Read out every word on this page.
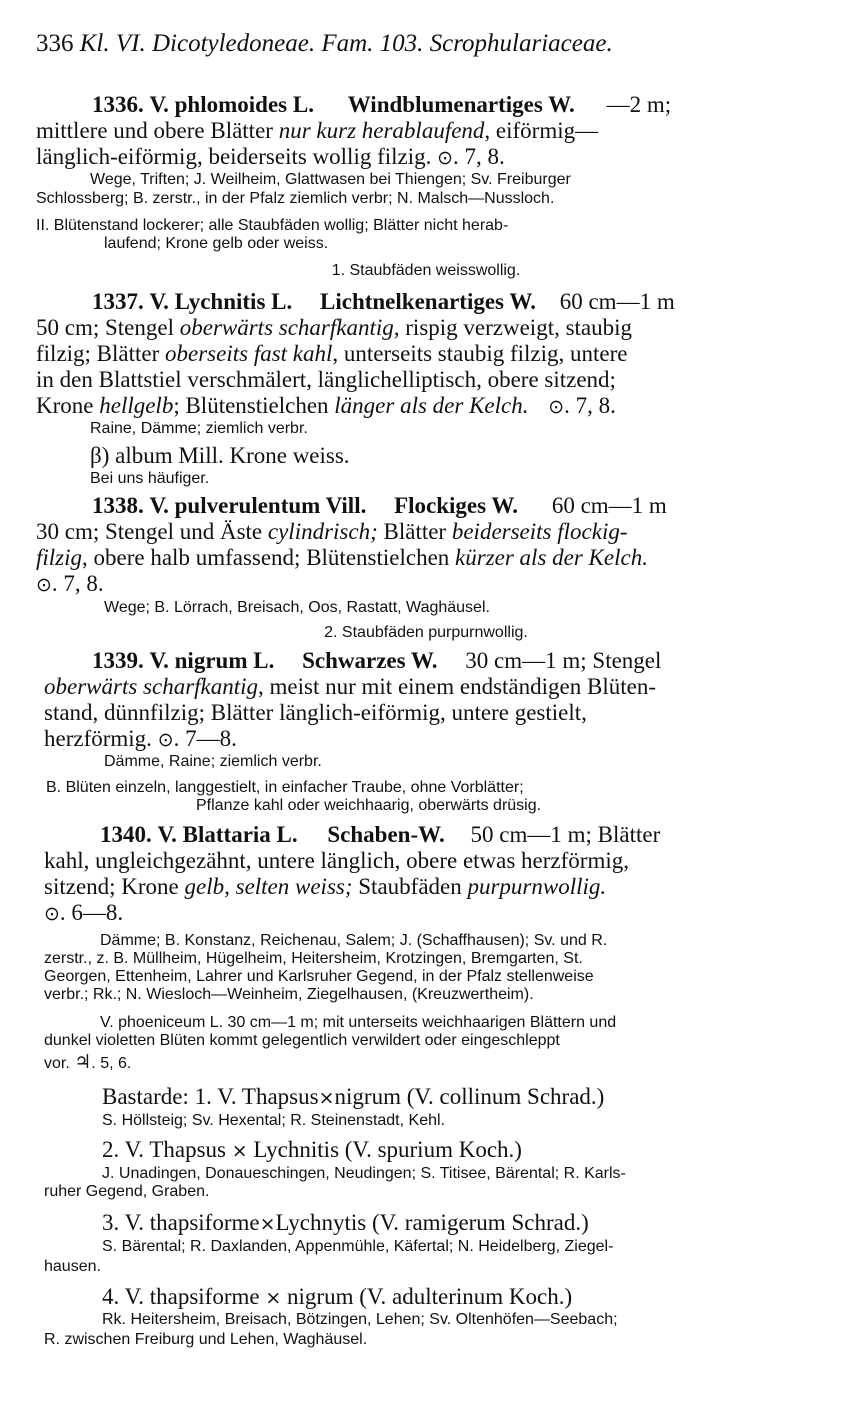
336 Kl. VI. Dicotyledoneae. Fam. 103. Scrophulariaceae.
1336. V. phlomoides L. Windblumenartiges W. —2 m;
mittlere und obere Blätter nur kurz herablaufend, eiförmig—
länglich-eiförmig, beiderseits wollig filzig. ⊙. 7, 8.
Wege, Triften; J. Weilheim, Glattwasen bei Thiengen; Sv. Freiburger
Schlossberg; B. zerstr., in der Pfalz ziemlich verbr; N. Malsch—Nussloch.
II. Blütenstand lockerer; alle Staubfäden wollig; Blätter nicht herab-
laufend; Krone gelb oder weiss.
1. Staubfäden weisswollig.
1337. V. Lychnitis L. Lichtnelkenartiges W. 60 cm—1 m
50 cm; Stengel oberwärts scharfkantig, rispig verzweigt, staubig
filzig; Blätter oberseits fast kahl, unterseits staubig filzig, untere
in den Blattstiel verschmälert, länglichelliptisch, obere sitzend;
Krone hellgelb; Blütenstielchen länger als der Kelch. ⊙. 7, 8.
Raine, Dämme; ziemlich verbr.
β) album Mill. Krone weiss.
Bei uns häufiger.
1338. V. pulverulentum Vill. Flockiges W. 60 cm—1 m
30 cm; Stengel und Äste cylindrisch; Blätter beiderseits flockig-
filzig, obere halb umfassend; Blütenstielchen kürzer als der Kelch.
⊙. 7, 8.
Wege; B. Lörrach, Breisach, Oos, Rastatt, Waghäusel.
2. Staubfäden purpurnwollig.
1339. V. nigrum L. Schwarzes W. 30 cm—1 m; Stengel
oberwärts scharfkantig, meist nur mit einem endständigen Blüten-
stand, dünnfilzig; Blätter länglich-eiförmig, untere gestielt,
herzförmig. ⊙. 7—8.
Dämme, Raine; ziemlich verbr.
B. Blüten einzeln, langgestielt, in einfacher Traube, ohne Vorblätter;
Pflanze kahl oder weichhaarig, oberwärts drüsig.
1340. V. Blattaria L. Schaben-W. 50 cm—1 m; Blätter
kahl, ungleichgezähnt, untere länglich, obere etwas herzförmig,
sitzend; Krone gelb, selten weiss; Staubfäden purpurnwollig.
⊙. 6—8.
Dämme; B. Konstanz, Reichenau, Salem; J. (Schaffhausen); Sv. und R.
zerstr., z. B. Müllheim, Hügelheim, Heitersheim, Krotzingen, Bremgarten, St.
Georgen, Ettenheim, Lahrer und Karlsruher Gegend, in der Pfalz stellenweise
verbr.; Rk.; N. Wiesloch—Weinheim, Ziegelhausen, (Kreuzwertheim).
V. phoeniceum L. 30 cm—1 m; mit unterseits weichhaarigen Blättern und
dunkel violetten Blüten kommt gelegentlich verwildert oder eingeschleppt
vor. ♃. 5, 6.
Bastarde: 1. V. Thapsus×nigrum (V. collinum Schrad.)
S. Höllsteig; Sv. Hexental; R. Steinenstadt, Kehl.
2. V. Thapsus × Lychnitis (V. spurium Koch.)
J. Unadingen, Donaueschingen, Neudingen; S. Titisee, Bärental; R. Karls-
ruher Gegend, Graben.
3. V. thapsiforme×Lychnytis (V. ramigerum Schrad.)
S. Bärental; R. Daxlanden, Appenmühle, Käfertal; N. Heidelberg, Ziegel-
hausen.
4. V. thapsiforme × nigrum (V. adulterinum Koch.)
Rk. Heitersheim, Breisach, Bötzingen, Lehen; Sv. Oltenhöfen—Seebach;
R. zwischen Freiburg und Lehen, Waghäusel.
